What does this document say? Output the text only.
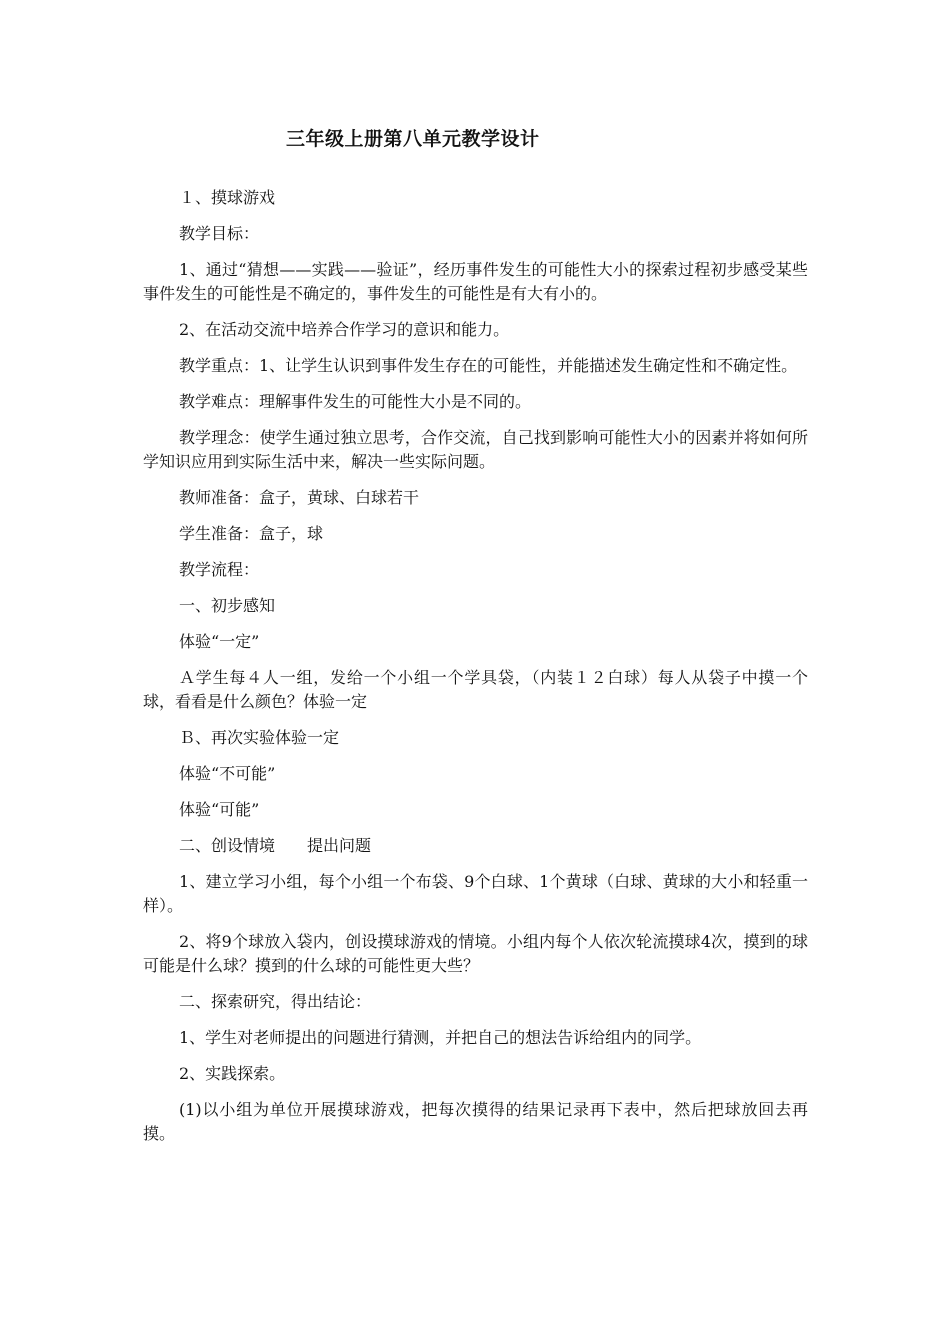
三年级上册第八单元教学设计

１、摸球游戏

教学目标：

1、通过“猜想——实践——验证”，经历事件发生的可能性大小的探索过程初步感受某些事件发生的可能性是不确定的，事件发生的可能性是有大有小的。

2、在活动交流中培养合作学习的意识和能力。

教学重点：1、让学生认识到事件发生存在的可能性，并能描述发生确定性和不确定性。

教学难点：理解事件发生的可能性大小是不同的。

教学理念：使学生通过独立思考，合作交流，自己找到影响可能性大小的因素并将如何所学知识应用到实际生活中来，解决一些实际问题。

教师准备：盒子，黄球、白球若干

学生准备：盒子，球

教学流程：

一、初步感知

体验“一定”

Ａ学生每４人一组，发给一个小组一个学具袋，（内装１２白球）每人从袋子中摸一个球，看看是什么颜色？体验一定

Ｂ、再次实验体验一定

体验“不可能”

体验“可能”

二、创设情境　　提出问题

1、建立学习小组，每个小组一个布袋、9个白球、1个黄球（白球、黄球的大小和轻重一样）。

2、将9个球放入袋内，创设摸球游戏的情境。小组内每个人依次轮流摸球4次，摸到的球可能是什么球？摸到的什么球的可能性更大些？

二、探索研究，得出结论：

1、学生对老师提出的问题进行猜测，并把自己的想法告诉给组内的同学。

2、实践探索。

(1)以小组为单位开展摸球游戏，把每次摸得的结果记录再下表中，然后把球放回去再摸。
